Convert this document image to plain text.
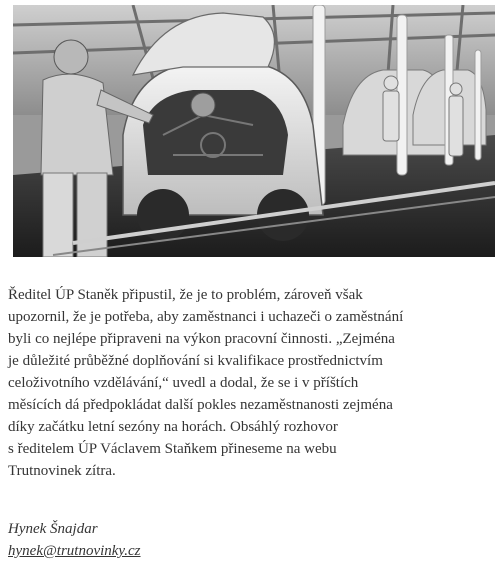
Ředitel ÚP Staněk připustil, že je to problém, zároveň však
upozornil, že je potřeba, aby zaměstnanci i uchazeči o zaměstnání
byli co nejlépe připraveni na výkon pracovní činnosti. „Zejména
je důležité průběžné doplňování si kvalifikace prostřednictvím
celoživotního vzdělávání,“ uvedl a dodal, že se i v příštích
měsících dá předpokládat další pokles nezaměstnanosti zejména
díky začátku letní sezóny na horách. Obsáhlý rozhovor
s ředitelem ÚP Václavem Staňkem přineseme na webu
Trutnovinek zítra.

Hynek Šnajdar

hynek@trutnovinky.cz
